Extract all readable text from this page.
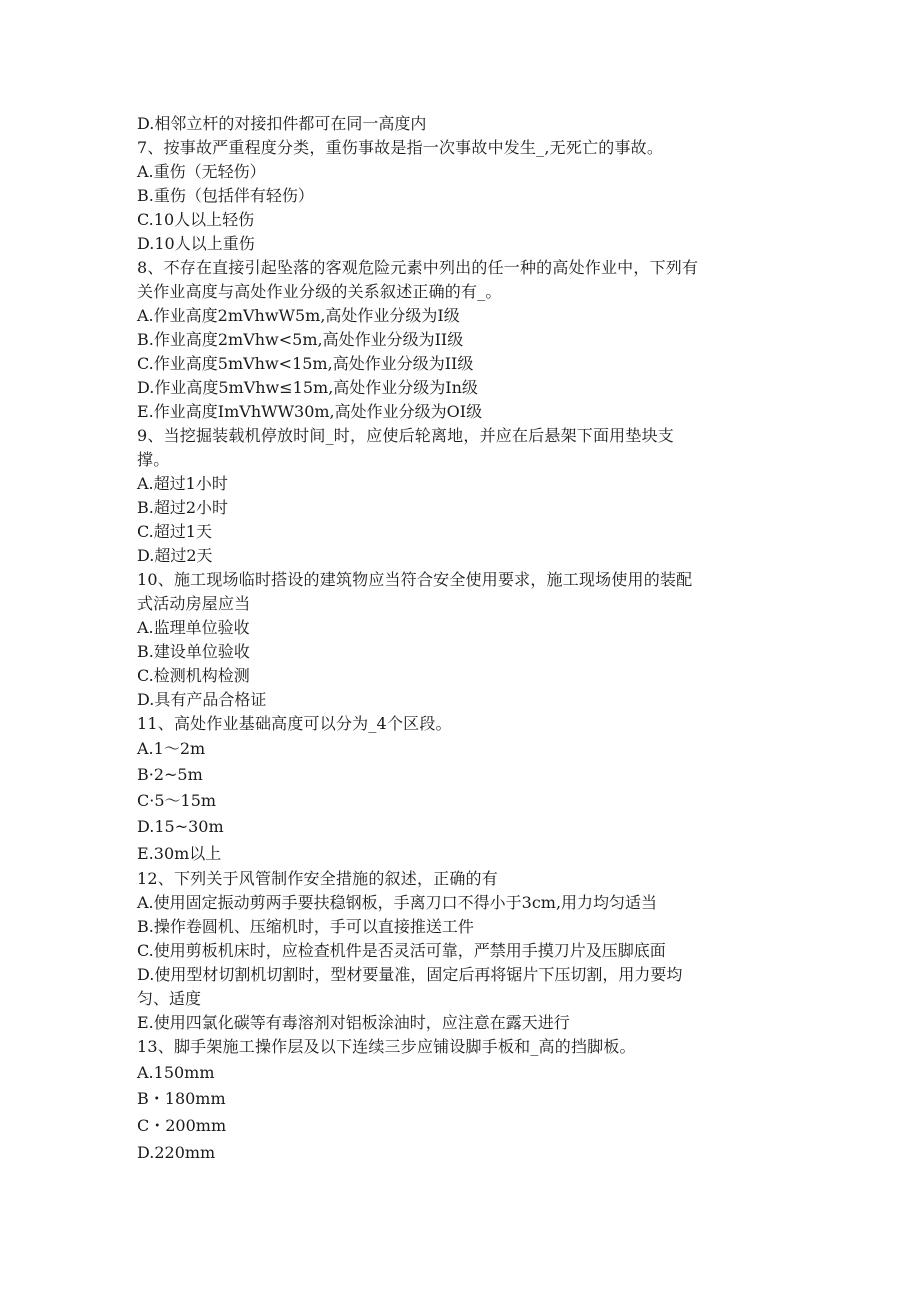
D.相邻立杆的对接扣件都可在同一高度内
7、按事故严重程度分类，重伤事故是指一次事故中发生_,无死亡的事故。
A.重伤（无轻伤）
B.重伤（包括伴有轻伤）
C.10人以上轻伤
D.10人以上重伤
8、不存在直接引起坠落的客观危险元素中列出的任一种的高处作业中，下列有
关作业高度与高处作业分级的关系叙述正确的有_。
A.作业高度2mVhwW5m,高处作业分级为I级
B.作业高度2mVhw<5m,高处作业分级为II级
C.作业高度5mVhw<15m,高处作业分级为II级
D.作业高度5mVhw≤15m,高处作业分级为In级
E.作业高度ImVhWW30m,高处作业分级为OI级
9、当挖掘装载机停放时间_时，应使后轮离地，并应在后悬架下面用垫块支
撑。
A.超过1小时
B.超过2小时
C.超过1天
D.超过2天
10、施工现场临时搭设的建筑物应当符合安全使用要求，施工现场使用的装配
式活动房屋应当
A.监理单位验收
B.建设单位验收
C.检测机构检测
D.具有产品合格证
11、高处作业基础高度可以分为_4个区段。
A.1～2m
B·2~5m
C·5～15m
D.15~30m
E.30m以上
12、下列关于风管制作安全措施的叙述，正确的有
A.使用固定振动剪两手要扶稳钢板，手离刀口不得小于3cm,用力均匀适当
B.操作卷圆机、压缩机时，手可以直接推送工件
C.使用剪板机床时，应检查机件是否灵活可靠，严禁用手摸刀片及压脚底面
D.使用型材切割机切割时，型材要量准，固定后再将锯片下压切割，用力要均
匀、适度
E.使用四氯化碳等有毒溶剂对铝板涂油时，应注意在露天进行
13、脚手架施工操作层及以下连续三步应铺设脚手板和_高的挡脚板。
A.150mm
B・180mm
C・200mm
D.220mm
